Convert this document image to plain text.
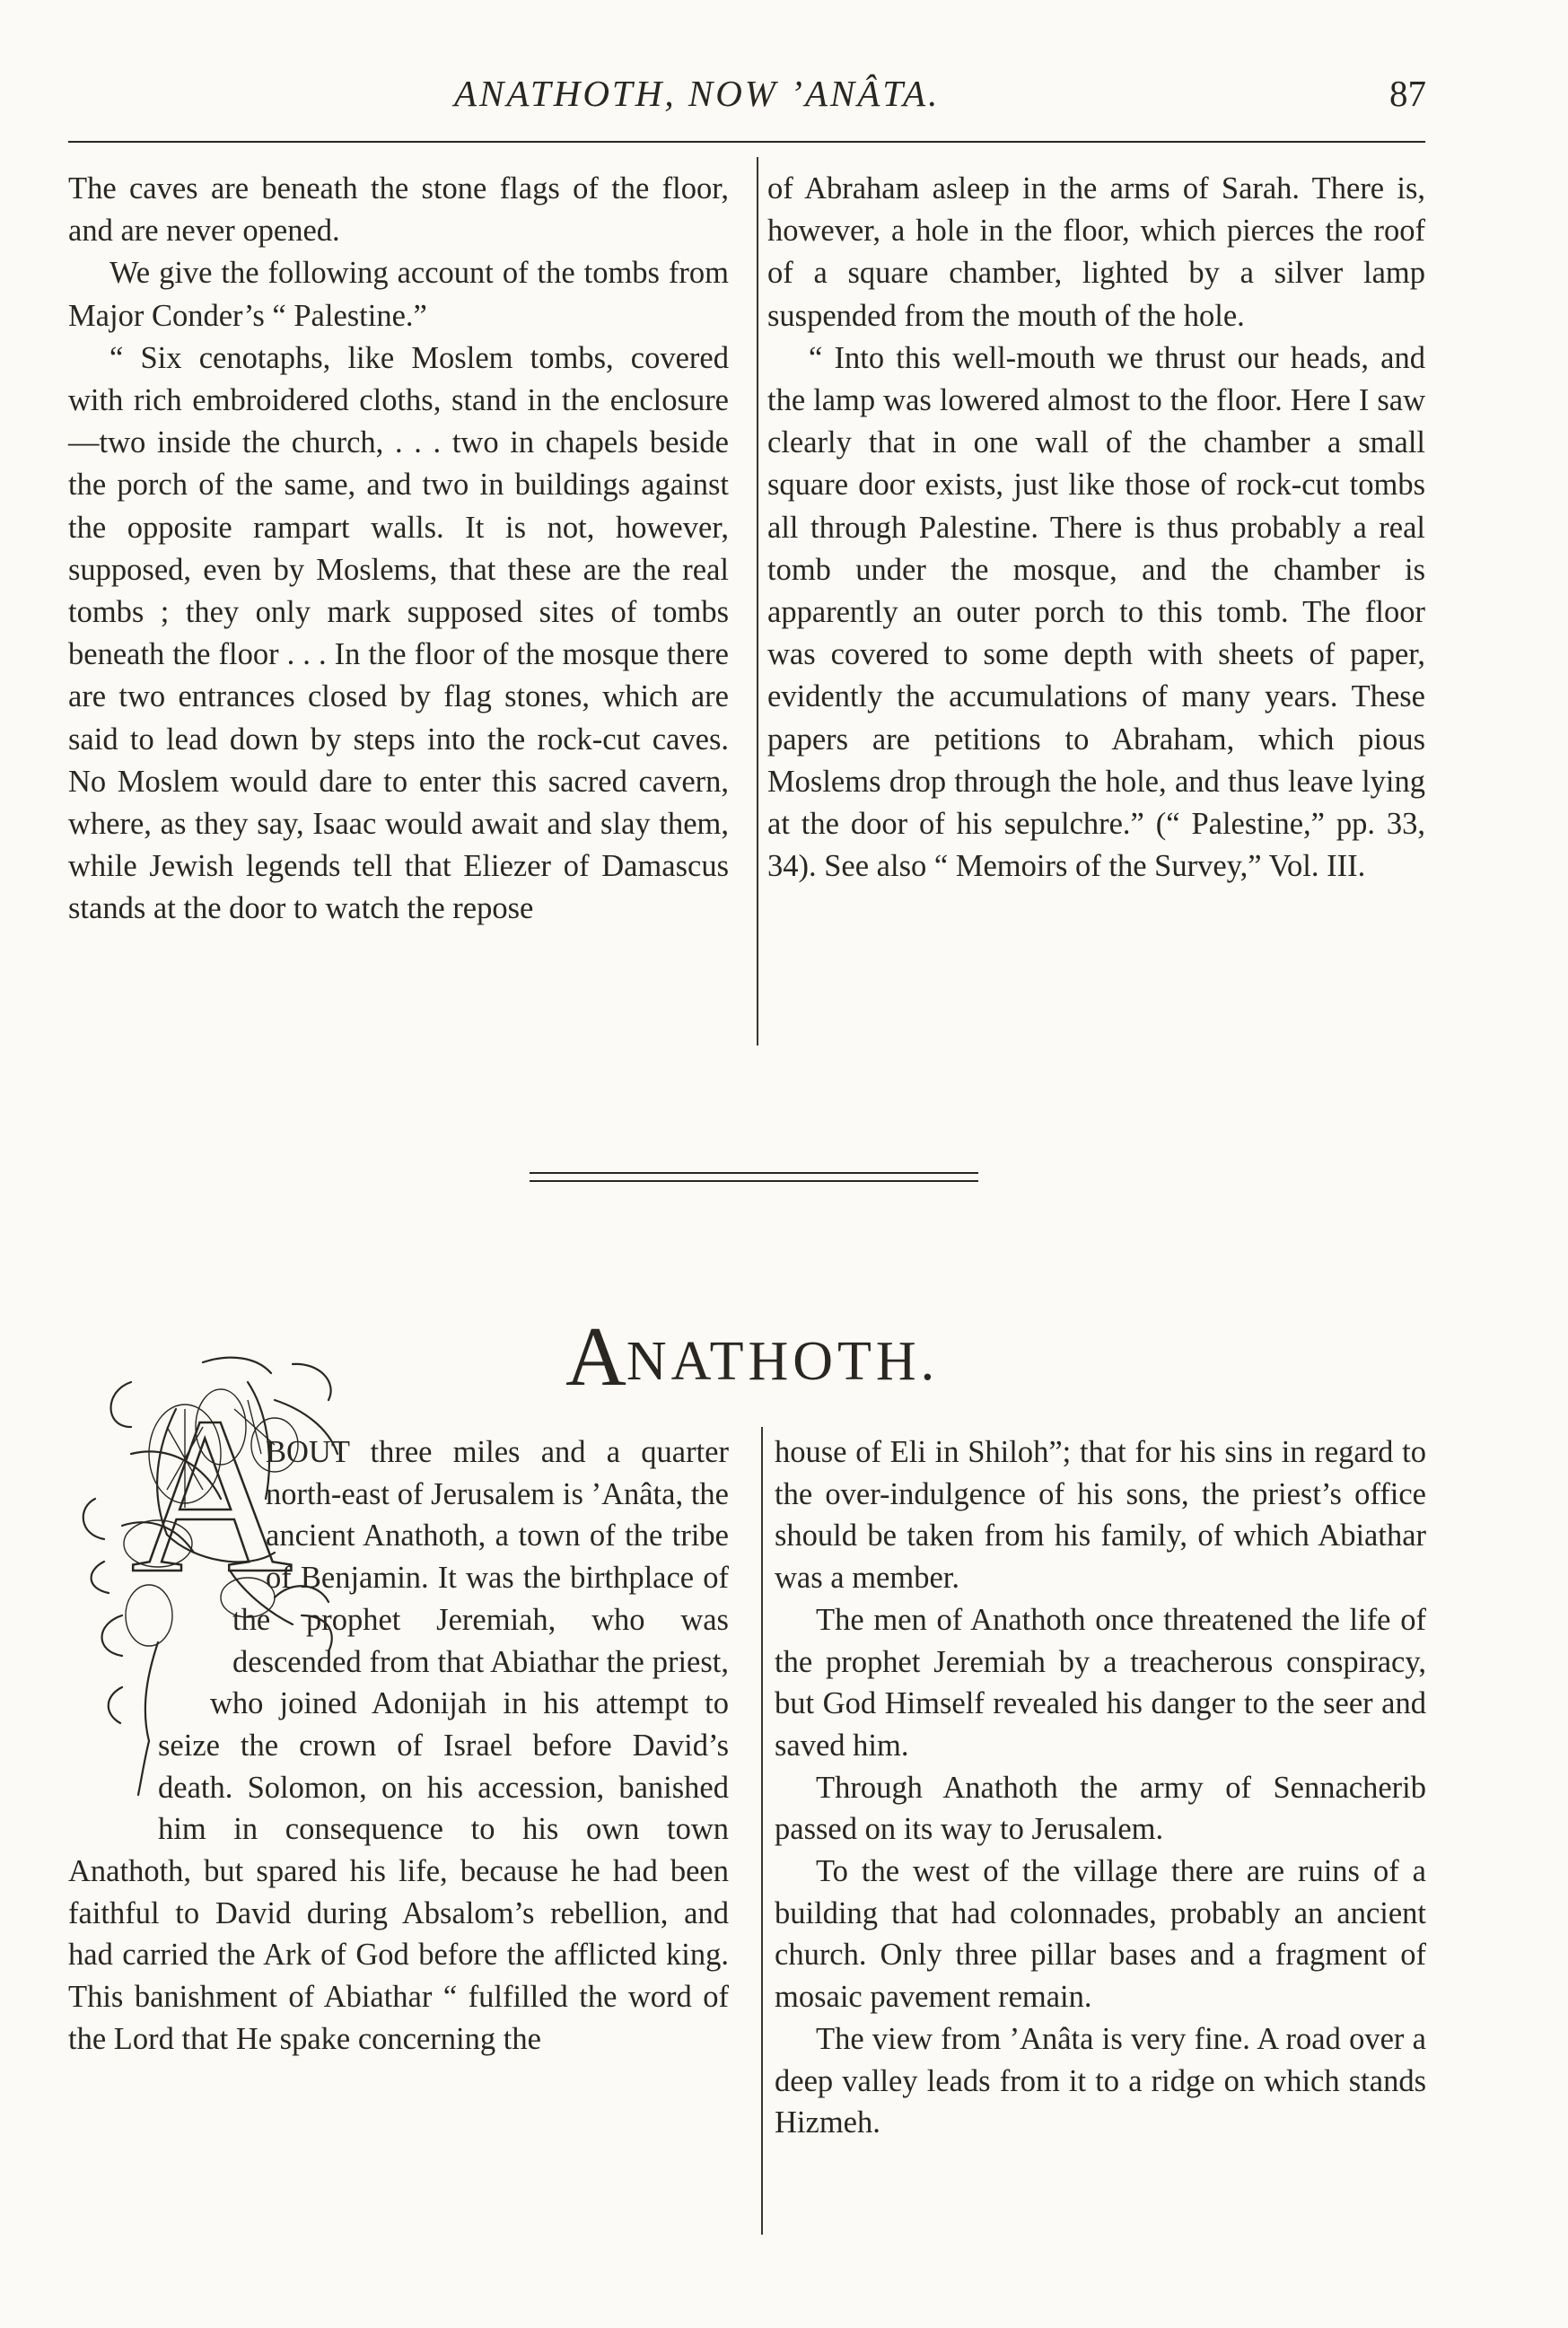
ANATHOTH, NOW ’ANÂTA.	87

The caves are beneath the stone flags of the floor, and are never opened.

We give the following account of the tombs from Major Conder’s “ Palestine.”

“ Six cenotaphs, like Moslem tombs, covered with rich embroidered cloths, stand in the enclosure—two inside the church, . . . two in chapels beside the porch of the same, and two in buildings against the opposite rampart walls. It is not, however, supposed, even by Moslems, that these are the real tombs ; they only mark supposed sites of tombs beneath the floor . . . In the floor of the mosque there are two entrances closed by flag stones, which are said to lead down by steps into the rock-cut caves. No Moslem would dare to enter this sacred cavern, where, as they say, Isaac would await and slay them, while Jewish legends tell that Eliezer of Damascus stands at the door to watch the repose

of Abraham asleep in the arms of Sarah. There is, however, a hole in the floor, which pierces the roof of a square chamber, lighted by a silver lamp suspended from the mouth of the hole.

“ Into this well-mouth we thrust our heads, and the lamp was lowered almost to the floor. Here I saw clearly that in one wall of the chamber a small square door exists, just like those of rock-cut tombs all through Palestine. There is thus probably a real tomb under the mosque, and the chamber is apparently an outer porch to this tomb. The floor was covered to some depth with sheets of paper, evidently the accumulations of many years. These papers are petitions to Abraham, which pious Moslems drop through the hole, and thus leave lying at the door of his sepulchre.” (“ Palestine,” pp. 33, 34). See also “ Memoirs of the Survey,” Vol. III.

ANATHOTH.
A

BOUT three miles and a quarter north-east of Jerusalem is ’Anâta, the ancient Anathoth, a town of the tribe of Benjamin. It was the birthplace of the prophet Jeremiah, who was descended from that Abiathar the priest, who joined Adonijah in his attempt to seize the crown of Israel before David’s death. Solomon, on his accession, banished him in consequence to his own town Anathoth, but spared his life, because he had been faithful to David during Absalom’s rebellion, and had carried the Ark of God before the afflicted king. This banishment of Abiathar “ fulfilled the word of the Lord that He spake concerning the

house of Eli in Shiloh”; that for his sins in regard to the over-indulgence of his sons, the priest’s office should be taken from his family, of which Abiathar was a member.

The men of Anathoth once threatened the life of the prophet Jeremiah by a treacherous conspiracy, but God Himself revealed his danger to the seer and saved him.

Through Anathoth the army of Sennacherib passed on its way to Jerusalem.

To the west of the village there are ruins of a building that had colonnades, probably an ancient church. Only three pillar bases and a fragment of mosaic pavement remain.

The view from ’Anâta is very fine. A road over a deep valley leads from it to a ridge on which stands Hizmeh.
